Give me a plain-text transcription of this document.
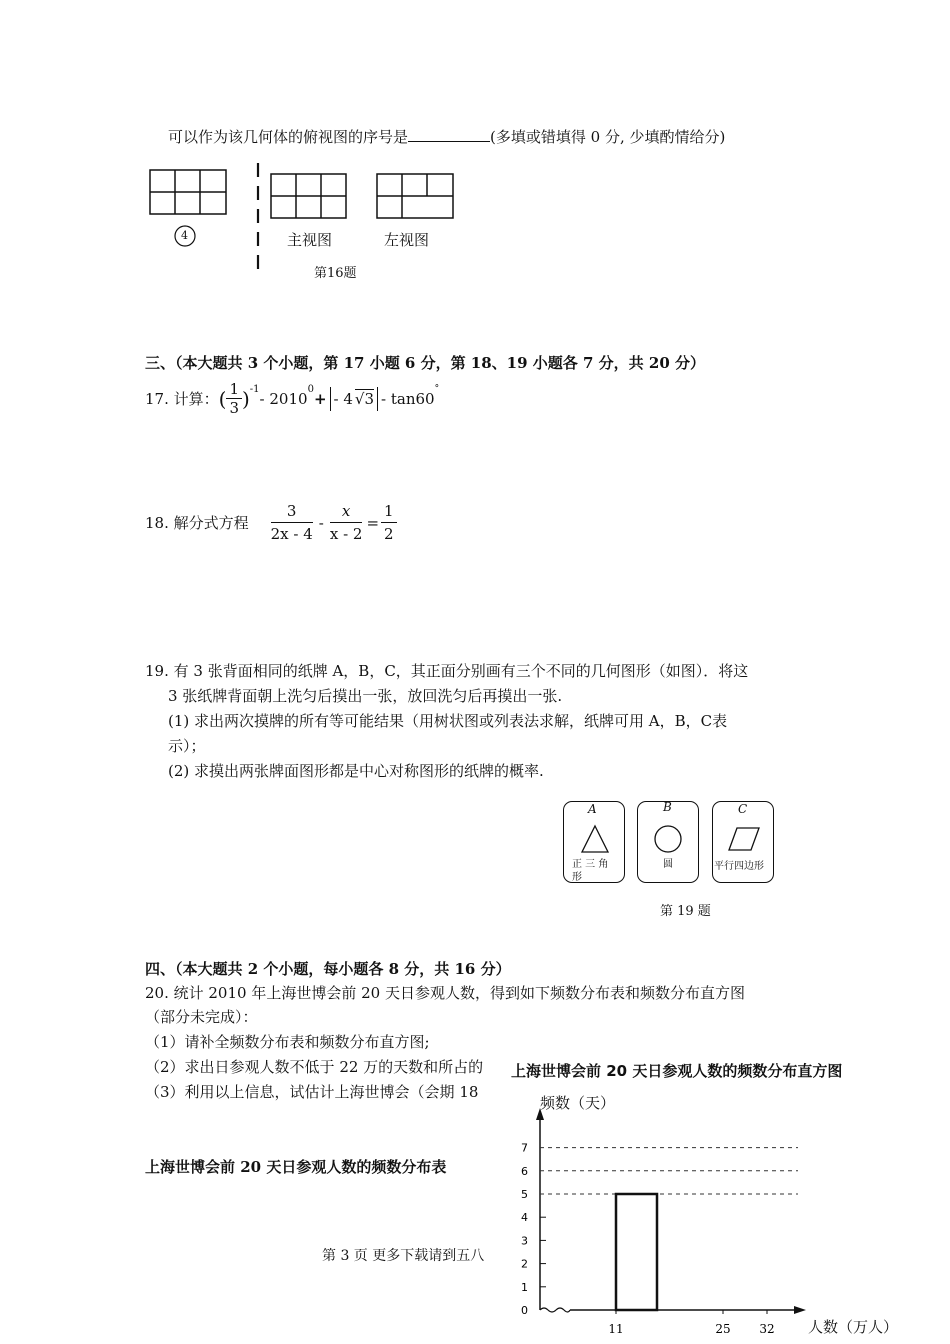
可以作为该几何体的俯视图的序号是	(多填或错填得 0 分, 少填酌情给分)
4	主视图	左视图
第16题
三、（本大题共 3 个小题，第 17 小题 6 分，第 18、19 小题各 7 分，共 20 分）
17. 计算： ( $\frac{1}{3} )^{-1} - 2010^0$ + - 4 √3 - tan60
°
18. 解分式方程 $\frac{3}{2x - 4} - \frac{x}{x - 2} = \frac{1}{2}$
19. 有 3 张背面相同的纸牌 A，B，C，其正面分别画有三个不同的几何图形（如图）．将这
3 张纸牌背面朝上洗匀后摸出一张，放回洗匀后再摸出一张.
(1) 求出两次摸牌的所有等可能结果（用树状图或列表法求解，纸牌可用 A，B，C表
示）；
(2) 求摸出两张牌面图形都是中心对称图形的纸牌的概率.
A
正 三 角
形
B
圆
C
平行四边形
第 19 题
四、（本大题共 2 个小题，每小题各 8 分，共 16 分）
20. 统计 2010 年上海世博会前 20 天日参观人数，得到如下频数分布表和频数分布直方图
（部分未完成）：
（1）请补全频数分布表和频数分布直方图;
（2）求出日参观人数不低于 22 万的天数和所占的
（3）利用以上信息，试估计上海世博会（会期 18
上海世博会前 20 天日参观人数的频数分布表
第 3 页 更多下载请到五八
上海世博会前 20 天日参观人数的频数分布直方图
频数（天）
人数（万人）
0
1
2
3
4
5
6
7
11	25 32
